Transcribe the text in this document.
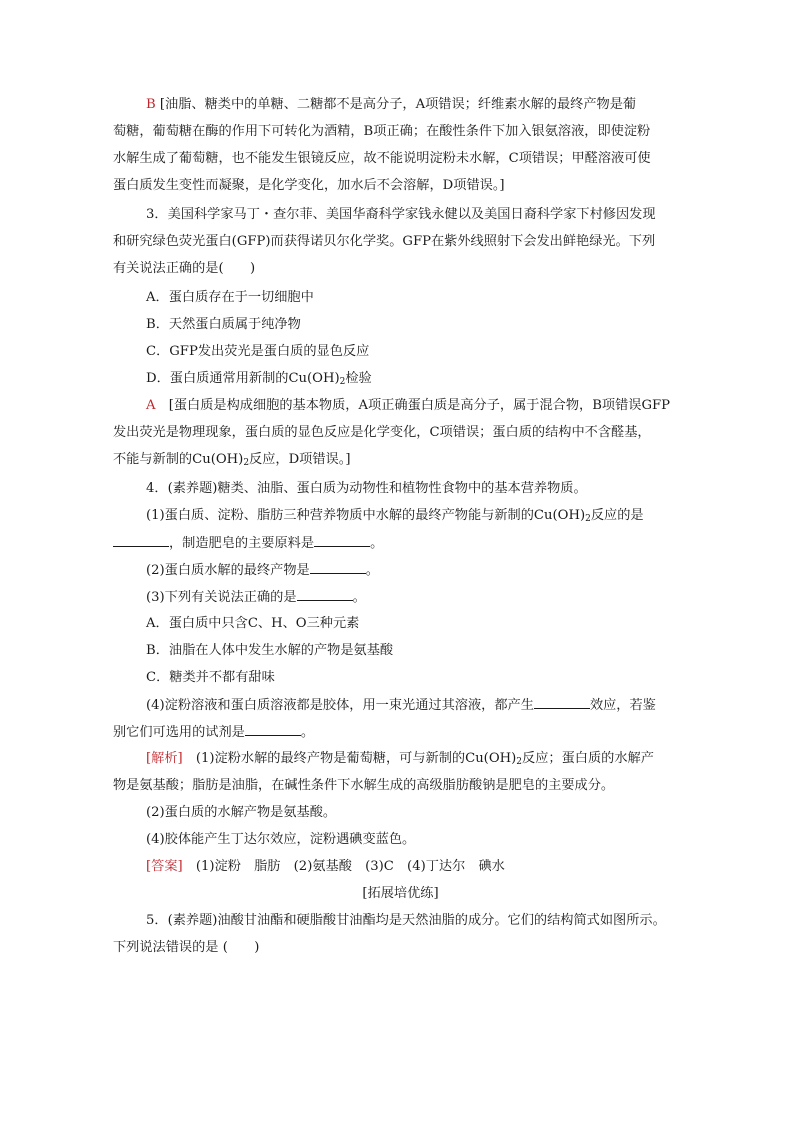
B [油脂、糖类中的单糖、二糖都不是高分子，A项错误；纤维素水解的最终产物是葡
萄糖，葡萄糖在酶的作用下可转化为酒精，B项正确；在酸性条件下加入银氨溶液，即使淀粉
水解生成了葡萄糖，也不能发生银镜反应，故不能说明淀粉未水解，C项错误；甲醛溶液可使
蛋白质发生变性而凝聚，是化学变化，加水后不会溶解，D项错误。]
3．美国科学家马丁・查尔菲、美国华裔科学家钱永健以及美国日裔科学家下村修因发现
和研究绿色荧光蛋白(GFP)而获得诺贝尔化学奖。GFP在紫外线照射下会发出鲜艳绿光。下列
有关说法正确的是(　　)
A．蛋白质存在于一切细胞中
B．天然蛋白质属于纯净物
C．GFP发出荧光是蛋白质的显色反应
D．蛋白质通常用新制的$Cu(OH)_2$检验
A　[蛋白质是构成细胞的基本物质，A项正确蛋白质是高分子，属于混合物，B项错误GFP
发出荧光是物理现象，蛋白质的显色反应是化学变化，C项错误；蛋白质的结构中不含醛基，
不能与新制的$Cu(OH)_2$反应，D项错误。]
4．(素养题)糖类、油脂、蛋白质为动物性和植物性食物中的基本营养物质。
(1)蛋白质、淀粉、脂肪三种营养物质中水解的最终产物能与新制的$Cu(OH)_2$反应的是
，制造肥皂的主要原料是	。
(2)蛋白质水解的最终产物是	。
(3)下列有关说法正确的是	。
A．蛋白质中只含C、H、O三种元素
B．油脂在人体中发生水解的产物是氨基酸
C．糖类并不都有甜味
(4)淀粉溶液和蛋白质溶液都是胶体，用一束光通过其溶液，都产生	效应，若鉴
别它们可选用的试剂是	。
[解析]　(1)淀粉水解的最终产物是葡萄糖，可与新制的$Cu(OH)_2$反应；蛋白质的水解产
物是氨基酸；脂肪是油脂，在碱性条件下水解生成的高级脂肪酸钠是肥皂的主要成分。
(2)蛋白质的水解产物是氨基酸。
(4)胶体能产生丁达尔效应，淀粉遇碘变蓝色。
[答案]　(1)淀粉　脂肪　(2)氨基酸　(3)C　(4)丁达尔　碘水
[拓展培优练]
5．(素养题)油酸甘油酯和硬脂酸甘油酯均是天然油脂的成分。它们的结构简式如图所示。
下列说法错误的是 (　　)
